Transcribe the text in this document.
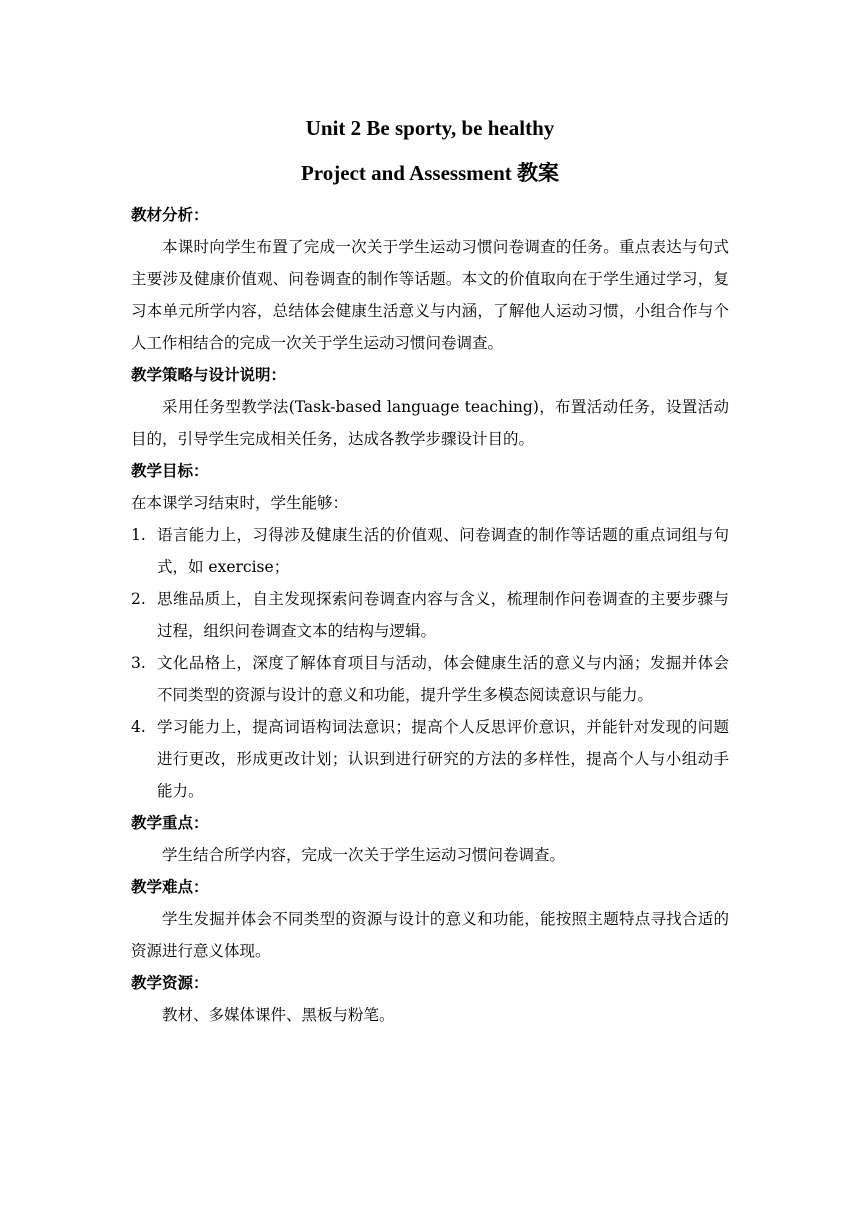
Unit 2 Be sporty, be healthy
Project and Assessment 教案

教材分析：

本课时向学生布置了完成一次关于学生运动习惯问卷调查的任务。重点表达与句式主要涉及健康价值观、问卷调查的制作等话题。本文的价值取向在于学生通过学习，复习本单元所学内容，总结体会健康生活意义与内涵，了解他人运动习惯，小组合作与个人工作相结合的完成一次关于学生运动习惯问卷调查。

教学策略与设计说明：

采用任务型教学法(Task-based language teaching)，布置活动任务，设置活动目的，引导学生完成相关任务，达成各教学步骤设计目的。

教学目标：

在本课学习结束时，学生能够：

1. 语言能力上，习得涉及健康生活的价值观、问卷调查的制作等话题的重点词组与句式，如 exercise；
2. 思维品质上，自主发现探索问卷调查内容与含义，梳理制作问卷调查的主要步骤与过程，组织问卷调查文本的结构与逻辑。
3. 文化品格上，深度了解体育项目与活动，体会健康生活的意义与内涵；发掘并体会不同类型的资源与设计的意义和功能，提升学生多模态阅读意识与能力。
4. 学习能力上，提高词语构词法意识；提高个人反思评价意识，并能针对发现的问题进行更改，形成更改计划；认识到进行研究的方法的多样性，提高个人与小组动手能力。

教学重点：

学生结合所学内容，完成一次关于学生运动习惯问卷调查。

教学难点：

学生发掘并体会不同类型的资源与设计的意义和功能，能按照主题特点寻找合适的资源进行意义体现。

教学资源：

教材、多媒体课件、黑板与粉笔。
